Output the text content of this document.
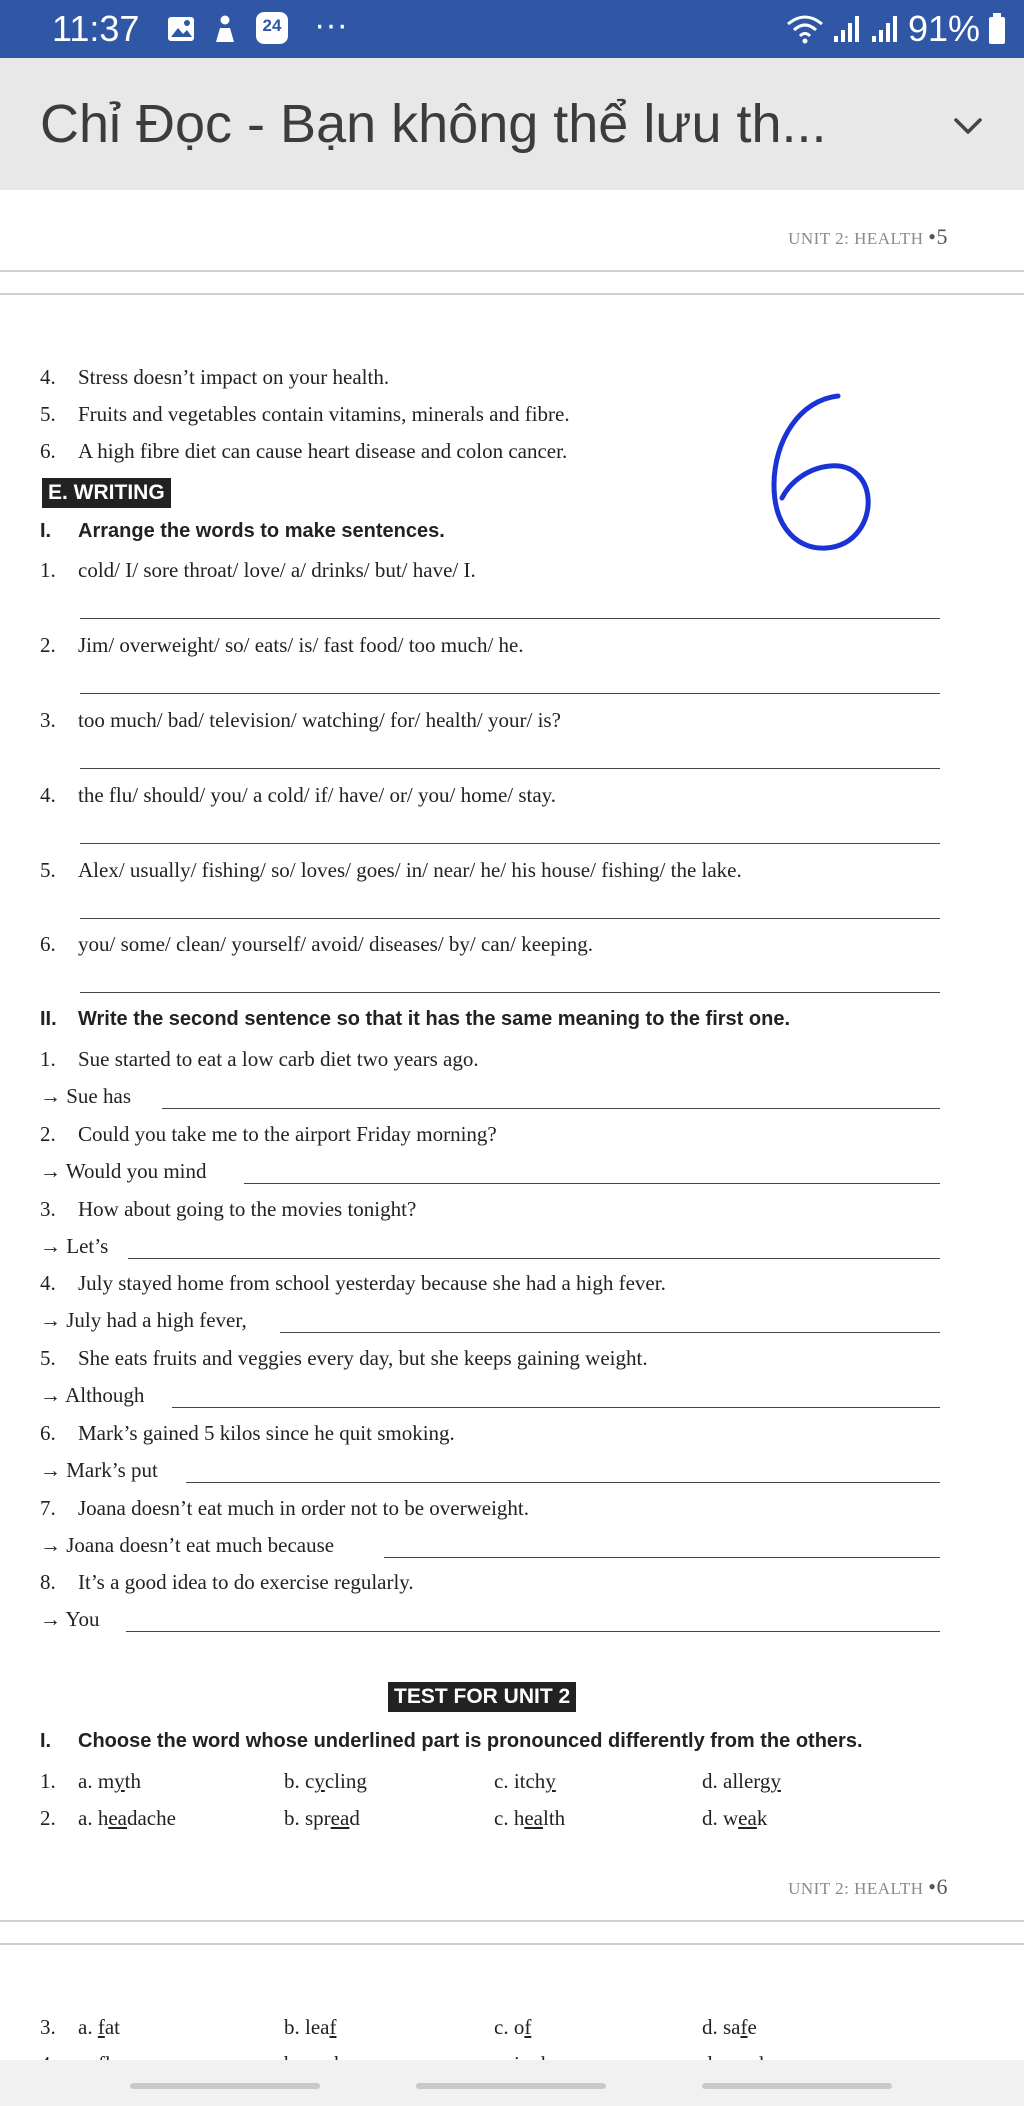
11:37	24 ···	91%
Chỉ Đọc - Bạn không thể lưu th...
UNIT 2: HEALTH •5
4. Stress doesn’t impact on your health.
5. Fruits and vegetables contain vitamins, minerals and fibre.
6. A high fibre diet can cause heart disease and colon cancer.
E. WRITING
I. Arrange the words to make sentences.
1. cold/ I/ sore throat/ love/ a/ drinks/ but/ have/ I.
2. Jim/ overweight/ so/ eats/ is/ fast food/ too much/ he.
3. too much/ bad/ television/ watching/ for/ health/ your/ is?
4. the flu/ should/ you/ a cold/ if/ have/ or/ you/ home/ stay.
5. Alex/ usually/ fishing/ so/ loves/ goes/ in/ near/ he/ his house/ fishing/ the lake.
6. you/ some/ clean/ yourself/ avoid/ diseases/ by/ can/ keeping.
II. Write the second sentence so that it has the same meaning to the first one.
1. Sue started to eat a low carb diet two years ago.
→ Sue has
2. Could you take me to the airport Friday morning?
→ Would you mind
3. How about going to the movies tonight?
→ Let’s
4. July stayed home from school yesterday because she had a high fever.
→ July had a high fever,
5. She eats fruits and veggies every day, but she keeps gaining weight.
→ Although
6. Mark’s gained 5 kilos since he quit smoking.
→ Mark’s put
7. Joana doesn’t eat much in order not to be overweight.
→ Joana doesn’t eat much because
8. It’s a good idea to do exercise regularly.
→ You
TEST FOR UNIT 2
I. Choose the word whose underlined part is pronounced differently from the others.
UNIT 2: HEALTH •6
1. a. myth	b. cycling	c. itchy	d. allergy
2. a. headache	b. spread	c. health	d. weak
3. a. fat	b. leaf	c. of	d. safe
